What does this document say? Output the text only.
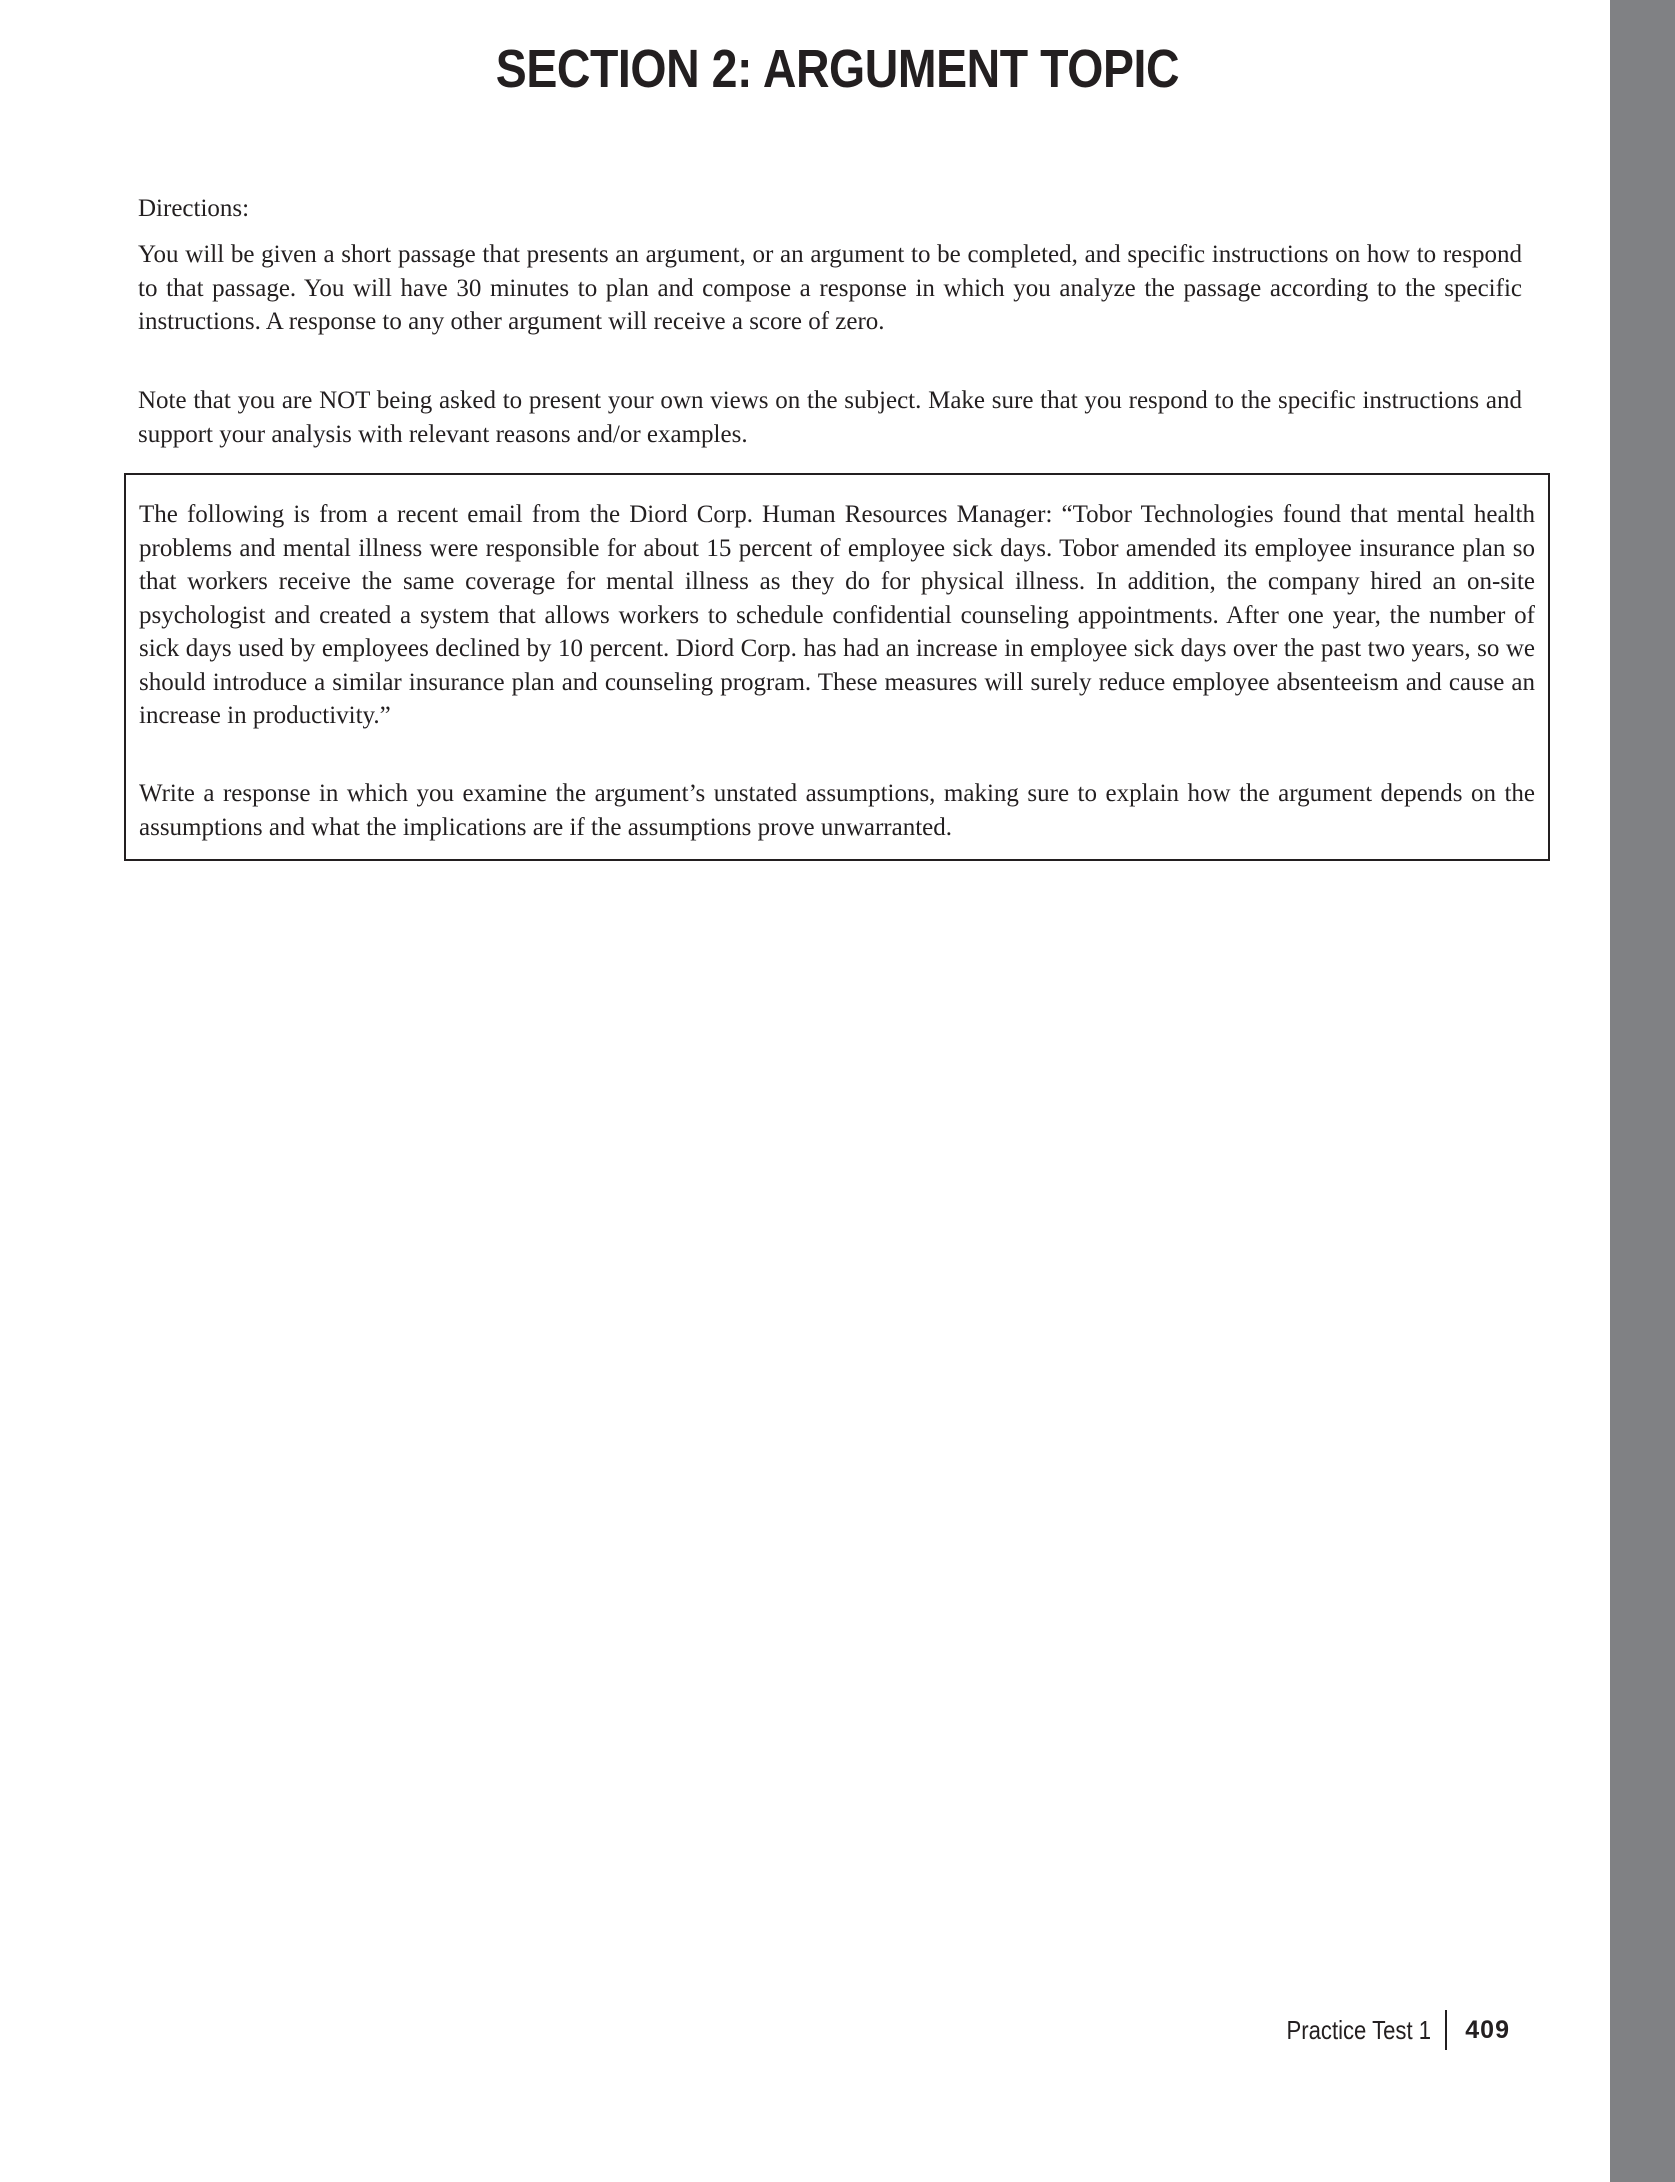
SECTION 2: ARGUMENT TOPIC

Directions:

You will be given a short passage that presents an argument, or an argument to be completed, and specific instructions on how to respond to that passage. You will have 30 minutes to plan and compose a response in which you analyze the passage according to the specific instructions. A response to any other argument will receive a score of zero.

Note that you are NOT being asked to present your own views on the subject. Make sure that you respond to the specific instructions and support your analysis with relevant reasons and/or examples.

The following is from a recent email from the Diord Corp. Human Resources Manager: “Tobor Technologies found that mental health problems and mental illness were responsible for about 15 percent of employee sick days. Tobor amended its employee insurance plan so that workers receive the same coverage for mental illness as they do for physical illness. In addition, the company hired an on-site psychologist and created a system that allows workers to schedule confidential counseling appointments. After one year, the number of sick days used by employees declined by 10 percent. Diord Corp. has had an increase in employee sick days over the past two years, so we should introduce a similar insurance plan and counseling program. These measures will surely reduce employee absenteeism and cause an increase in productivity.”

Write a response in which you examine the argument’s unstated assumptions, making sure to explain how the argument depends on the assumptions and what the implications are if the assumptions prove unwarranted.

Practice Test 1 409
